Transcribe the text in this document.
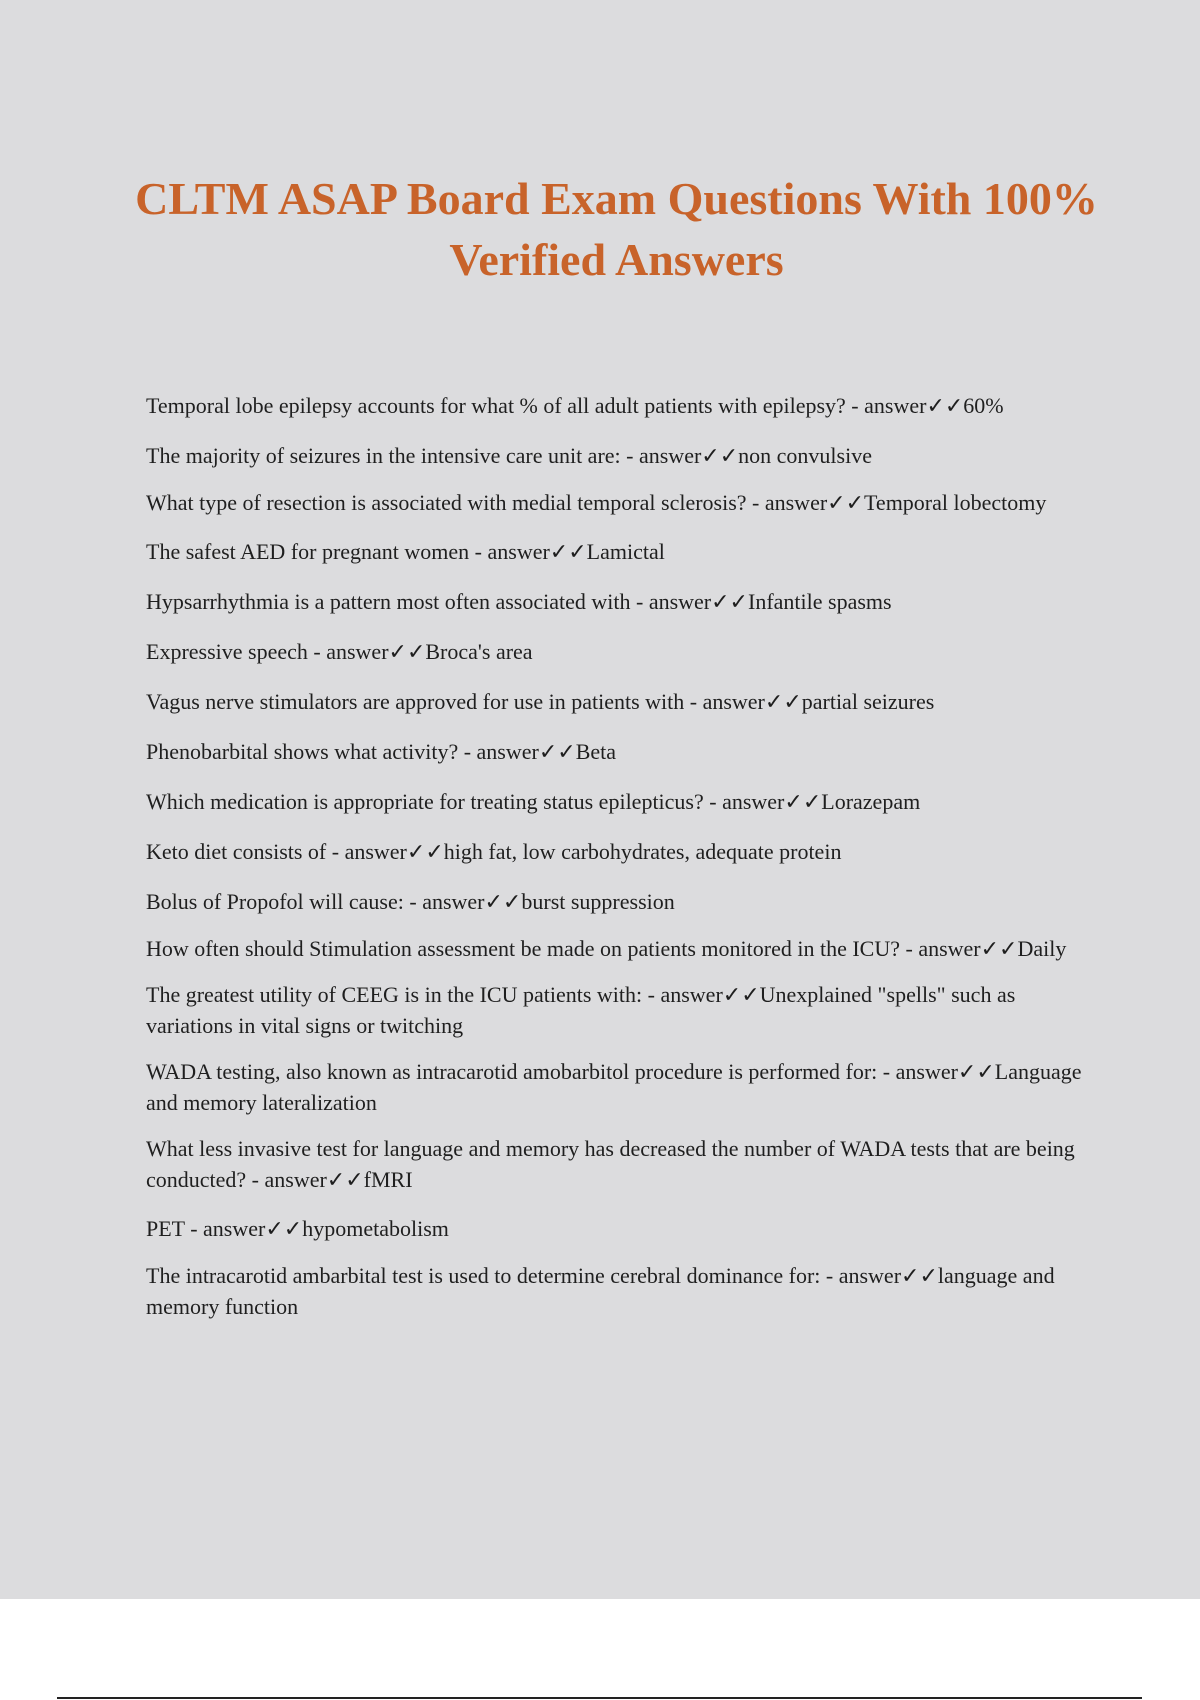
CLTM ASAP Board Exam Questions With 100% Verified Answers
Temporal lobe epilepsy accounts for what % of all adult patients with epilepsy? - answer✓✓60%
The majority of seizures in the intensive care unit are: - answer✓✓non convulsive
What type of resection is associated with medial temporal sclerosis? - answer✓✓Temporal lobectomy
The safest AED for pregnant women - answer✓✓Lamictal
Hypsarrhythmia is a pattern most often associated with - answer✓✓Infantile spasms
Expressive speech - answer✓✓Broca's area
Vagus nerve stimulators are approved for use in patients with - answer✓✓partial seizures
Phenobarbital shows what activity? - answer✓✓Beta
Which medication is appropriate for treating status epilepticus? - answer✓✓Lorazepam
Keto diet consists of - answer✓✓high fat, low carbohydrates, adequate protein
Bolus of Propofol will cause: - answer✓✓burst suppression
How often should Stimulation assessment be made on patients monitored in the ICU? - answer✓✓Daily
The greatest utility of CEEG is in the ICU patients with: - answer✓✓Unexplained "spells" such as variations in vital signs or twitching
WADA testing, also known as intracarotid amobarbitol procedure is performed for: - answer✓✓Language and memory lateralization
What less invasive test for language and memory has decreased the number of WADA tests that are being conducted? - answer✓✓fMRI
PET - answer✓✓hypometabolism
The intracarotid ambarbital test is used to determine cerebral dominance for: - answer✓✓language and memory function
